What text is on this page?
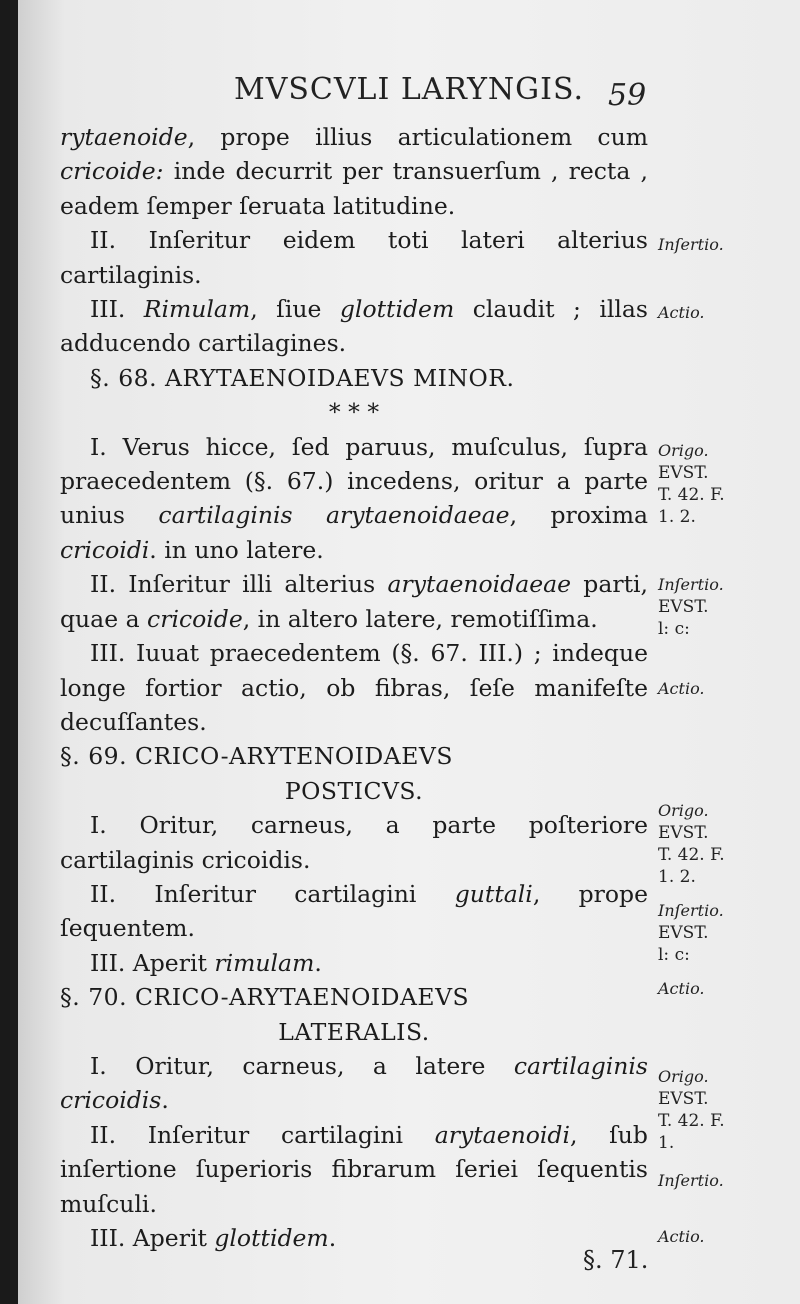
MVSCVLI LARYNGIS. 59

rytaenoide, prope illius articulationem cum cricoide: inde decurrit per transuerſum , recta , eadem ſemper ſeruata latitudine.

II. Inſeritur eidem toti lateri alterius cartilaginis.

III. Rimulam, ſiue glottidem claudit ; illas adducendo cartilagines.

§. 68. ARYTAENOIDAEVS MINOR.

* * *

I. Verus hicce, ſed paruus, muſculus, ſupra praecedentem (§. 67.) incedens, oritur a parte unius cartilaginis arytaenoidaeae, proxima cricoidi. in uno latere.

II. Inſeritur illi alterius arytaenoidaeae parti, quae a cricoide, in altero latere, remotiſſima.

III. Iuuat praecedentem (§. 67. III.) ; indeque longe fortior actio, ob fibras, ſeſe manifeſte decuſſantes.

§. 69. CRICO-ARYTENOIDAEVS

POSTICVS.

I. Oritur, carneus, a parte poſteriore cartilaginis cricoidis.

II. Inſeritur cartilagini guttali, prope ſequentem.

III. Aperit rimulam.

§. 70. CRICO-ARYTAENOIDAEVS

LATERALIS.

I. Oritur, carneus, a latere cartilaginis cricoidis.

II. Inſeritur cartilagini arytaenoidi, ſub inſertione ſuperioris fibrarum ſeriei ſequentis muſculi.

III. Aperit glottidem.

Inſertio.
Actio.
Origo.
EVST.
T. 42. F.
1. 2.
Inſertio.
EVST.
l: c:
Actio.
Origo.
EVST.
T. 42. F.
1. 2.
Inſertio.
EVST.
l: c:
Actio.
Origo.
EVST.
T. 42. F.
1.
Inſertio.
Actio.
§. 71.
